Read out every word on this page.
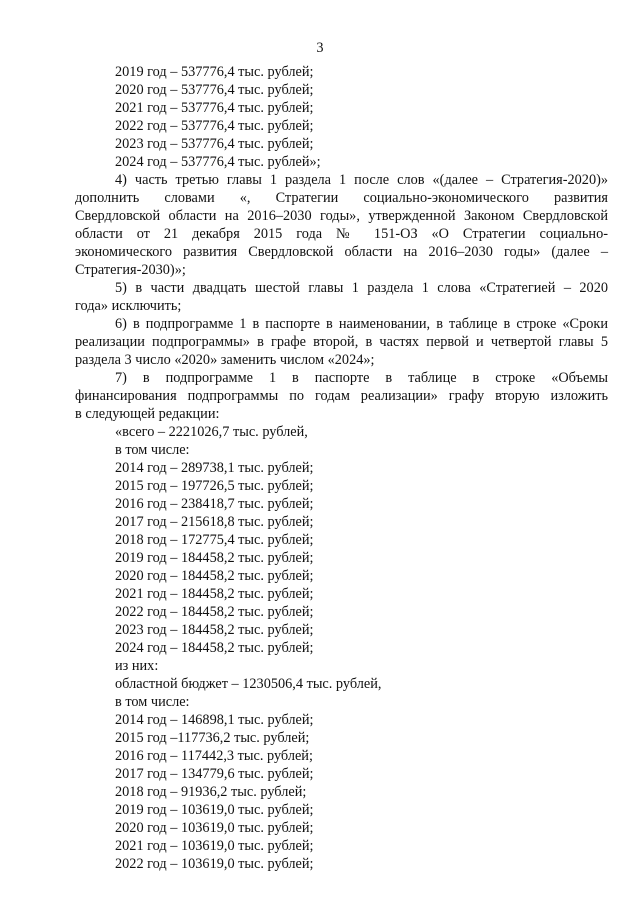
3
2019 год – 537776,4 тыс. рублей;
2020 год – 537776,4 тыс. рублей;
2021 год – 537776,4 тыс. рублей;
2022 год – 537776,4 тыс. рублей;
2023 год – 537776,4 тыс. рублей;
2024 год – 537776,4 тыс. рублей»;
4) часть третью главы 1 раздела 1 после слов «(далее – Стратегия-2020)»
дополнить словами «, Стратегии социально-экономического развития
Свердловской области на 2016–2030 годы», утвержденной Законом Свердловской
области от 21 декабря 2015 года № 151-ОЗ «О Стратегии социально-
экономического развития Свердловской области на 2016–2030 годы» (далее –
Стратегия-2030)»;
5) в части двадцать шестой главы 1 раздела 1 слова «Стратегией – 2020
года» исключить;
6) в подпрограмме 1 в паспорте в наименовании, в таблице в строке «Сроки
реализации подпрограммы» в графе второй, в частях первой и четвертой главы 5
раздела 3 число «2020» заменить числом «2024»;
7) в подпрограмме 1 в паспорте в таблице в строке «Объемы
финансирования подпрограммы по годам реализации» графу вторую изложить
в следующей редакции:
«всего – 2221026,7 тыс. рублей,
в том числе:
2014 год – 289738,1 тыс. рублей;
2015 год – 197726,5 тыс. рублей;
2016 год – 238418,7 тыс. рублей;
2017 год – 215618,8 тыс. рублей;
2018 год – 172775,4 тыс. рублей;
2019 год – 184458,2 тыс. рублей;
2020 год – 184458,2 тыс. рублей;
2021 год – 184458,2 тыс. рублей;
2022 год – 184458,2 тыс. рублей;
2023 год – 184458,2 тыс. рублей;
2024 год – 184458,2 тыс. рублей;
из них:
областной бюджет – 1230506,4 тыс. рублей,
в том числе:
2014 год – 146898,1 тыс. рублей;
2015 год –117736,2 тыс. рублей;
2016 год – 117442,3 тыс. рублей;
2017 год – 134779,6 тыс. рублей;
2018 год – 91936,2 тыс. рублей;
2019 год – 103619,0 тыс. рублей;
2020 год – 103619,0 тыс. рублей;
2021 год – 103619,0 тыс. рублей;
2022 год – 103619,0 тыс. рублей;
